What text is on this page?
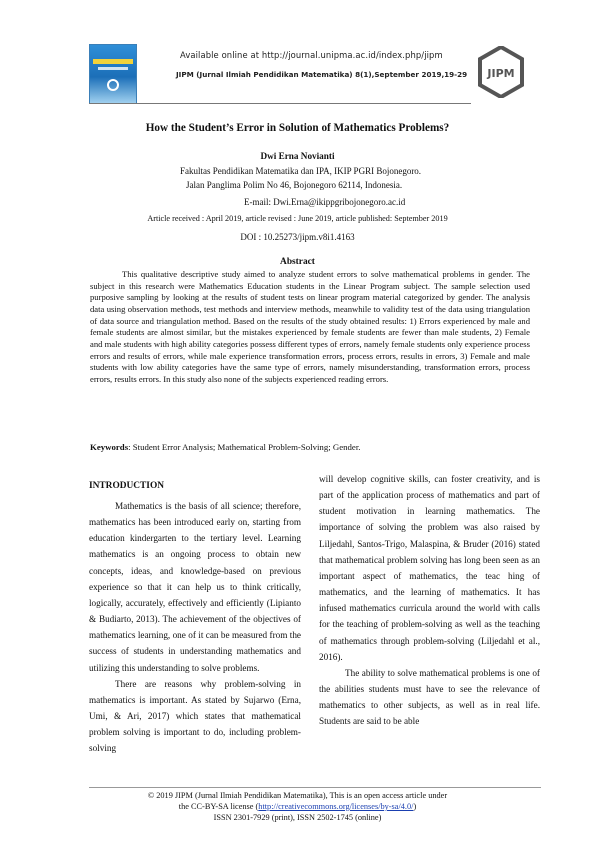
Available online at http://journal.unipma.ac.id/index.php/jipm
JIPM (Jurnal Ilmiah Pendidikan Matematika) 8(1),September 2019,19-29 JIPM
How the Student’s Error in Solution of Mathematics Problems?
Dwi Erna Novianti
Fakultas Pendidikan Matematika dan IPA, IKIP PGRI Bojonegoro.
Jalan Panglima Polim No 46, Bojonegoro 62114, Indonesia.
E-mail: Dwi.Erna@ikippgribojonegoro.ac.id
Article received : April 2019, article revised : June 2019, article published: September 2019
DOI : 10.25273/jipm.v8i1.4163
Abstract

This qualitative descriptive study aimed to analyze student errors to solve mathematical problems in gender. The subject in this research were Mathematics Education students in the Linear Program subject. The sample selection used purposive sampling by looking at the results of student tests on linear program material categorized by gender. The analysis data using observation methods, test methods and interview methods, meanwhile to validity test of the data using triangulation of data source and triangulation method. Based on the results of the study obtained results: 1) Errors experienced by male and female students are almost similar, but the mistakes experienced by female students are fewer than male students, 2) Female and male students with high ability categories possess different types of errors, namely female students only experience process errors and results of errors, while male experience transformation errors, process errors, results in errors, 3) Female and male students with low ability categories have the same type of errors, namely misunderstanding, transformation errors, process errors, results errors. In this study also none of the subjects experienced reading errors.

Keywords: Student Error Analysis; Mathematical Problem-Solving; Gender.
INTRODUCTION

Mathematics is the basis of all science; therefore, mathematics has been introduced early on, starting from education kindergarten to the tertiary level. Learning mathematics is an ongoing process to obtain new concepts, ideas, and knowledge-based on previous experience so that it can help us to think critically, logically, accurately, effectively and efficiently (Lipianto & Budiarto, 2013). The achievement of the objectives of mathematics learning, one of it can be measured from the success of students in understanding mathematics and utilizing this understanding to solve problems.

There are reasons why problem-solving in mathematics is important. As stated by Sujarwo (Erna, Umi, & Ari, 2017) which states that mathematical problem solving is important to do, including problem-solving

will develop cognitive skills, can foster creativity, and is part of the application process of mathematics and part of student motivation in learning mathematics. The importance of solving the problem was also raised by Liljedahl, Santos-Trigo, Malaspina, & Bruder (2016) stated that mathematical problem solving has long been seen as an important aspect of mathematics, the teac hing of mathematics, and the learning of mathematics. It has infused mathematics curricula around the world with calls for the teaching of problem-solving as well as the teaching of mathematics through problem-solving (Liljedahl et al., 2016).

The ability to solve mathematical problems is one of the abilities students must have to see the relevance of mathematics to other subjects, as well as in real life. Students are said to be able

© 2019 JIPM (Jurnal Ilmiah Pendidikan Matematika), This is an open access article under
the CC-BY-SA license (http://creativecommons.org/licenses/by-sa/4.0/)
ISSN 2301-7929 (print), ISSN 2502-1745 (online)
